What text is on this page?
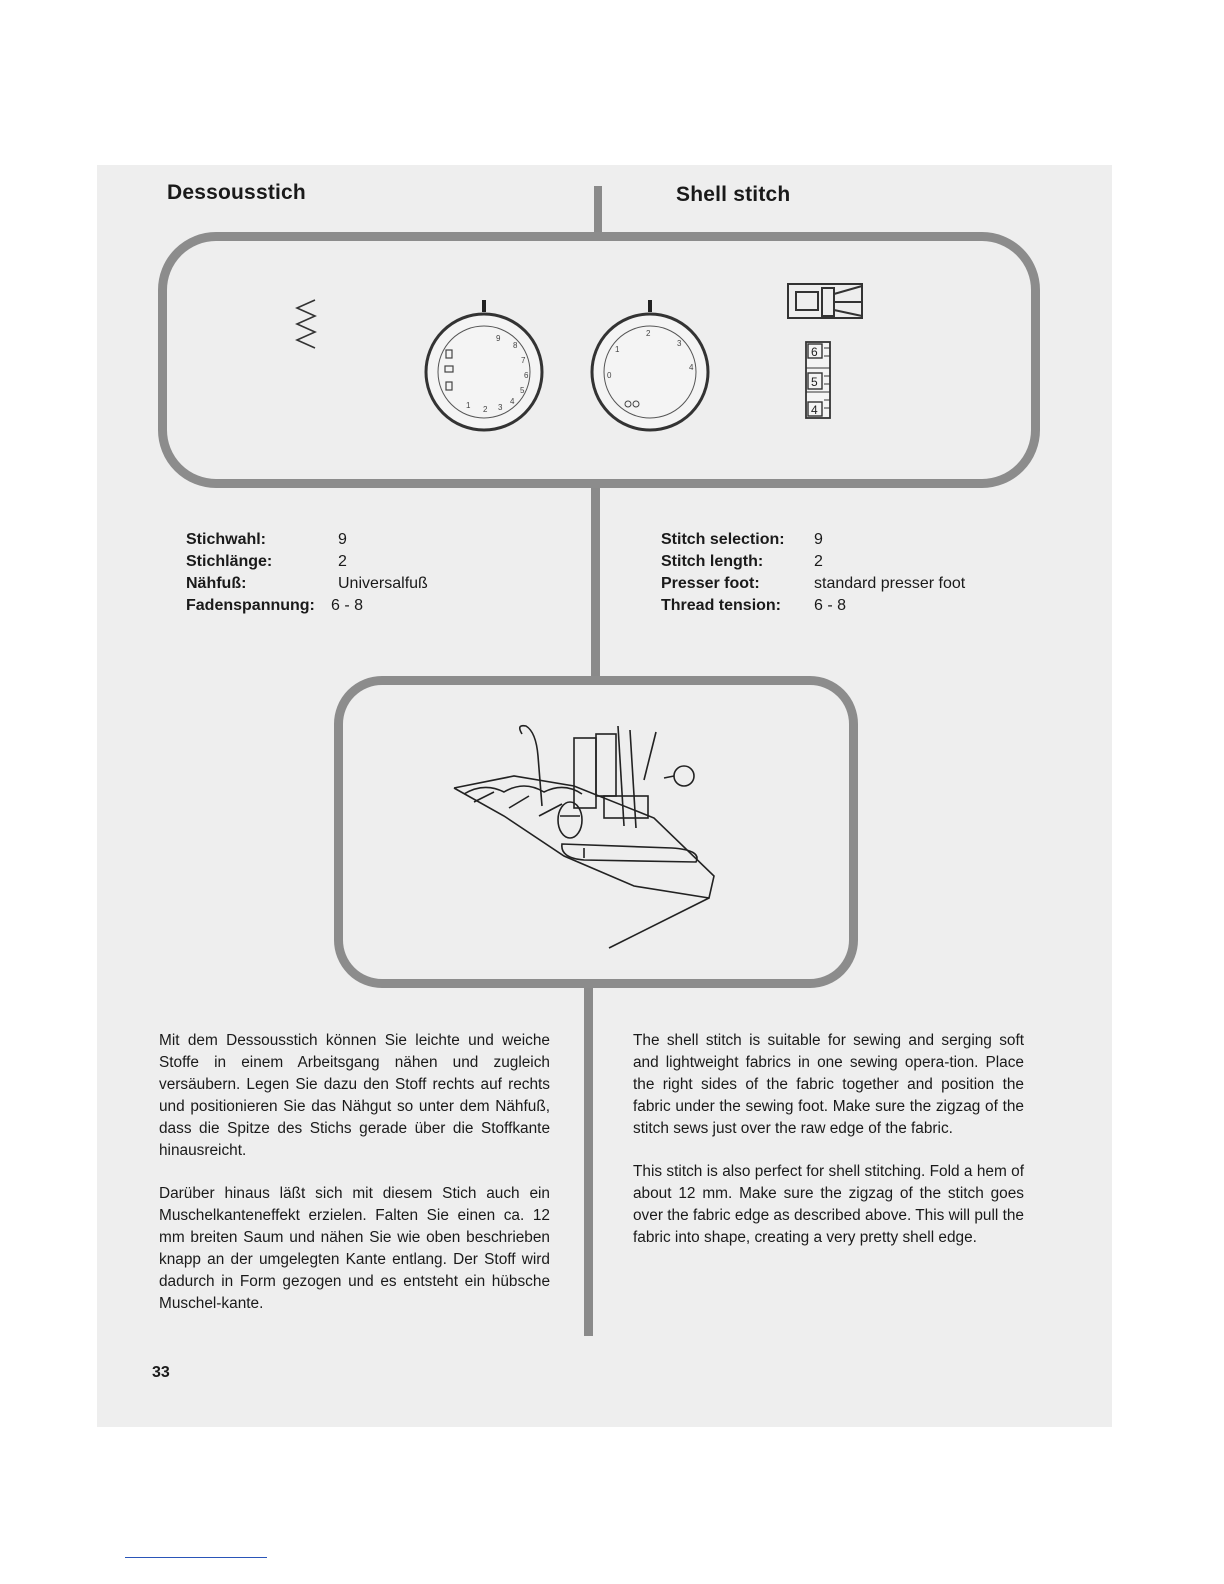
Dessousstich	Shell stitch
9
8
7
6
5
4
3
2
1
1
2
3
4
0
6
5
4
Stichwahl:	9
Stichlänge:	2
Nähfuß:	Universalfuß
Fadenspannung: 6 - 8
Stitch selection: 9
Stitch length:	2
Presser foot:	standard presser foot
Thread tension: 6 - 8

Mit dem Dessousstich können Sie leichte und weiche Stoffe in einem Arbeitsgang nähen und zugleich versäubern. Legen Sie dazu den Stoff rechts auf rechts und positionieren Sie das Nähgut so unter dem Nähfuß, dass die Spitze des Stichs gerade über die Stoffkante hinausreicht.

Darüber hinaus läßt sich mit diesem Stich auch ein Muschelkanteneffekt erzielen. Falten Sie einen ca. 12 mm breiten Saum und nähen Sie wie oben beschrieben knapp an der umgelegten Kante entlang. Der Stoff wird dadurch in Form gezogen und es entsteht ein hübsche Muschel-kante.

The shell stitch is suitable for sewing and serging soft and lightweight fabrics in one sewing opera-tion. Place the right sides of the fabric together and position the fabric under the sewing foot. Make sure the zigzag of the stitch sews just over the raw edge of the fabric.

This stitch is also perfect for shell stitching. Fold a hem of about 12 mm. Make sure the zigzag of the stitch goes over the fabric edge as described above. This will pull the fabric into shape, creating a very pretty shell edge.

33
